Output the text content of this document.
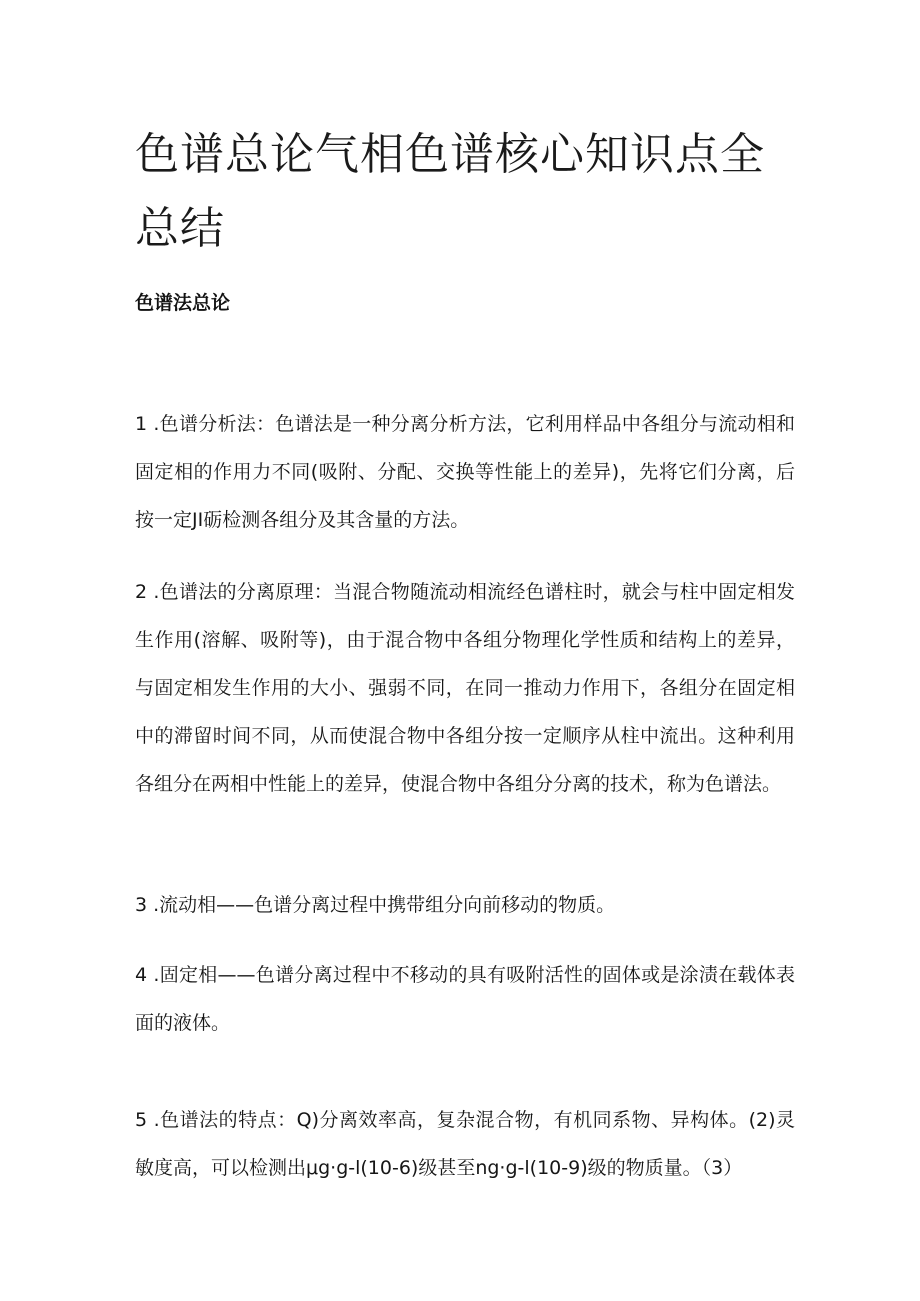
色谱总论气相色谱核心知识点全总结
色谱法总论

1 .色谱分析法：色谱法是一种分离分析方法，它利用样品中各组分与流动相和固定相的作用力不同(吸附、分配、交换等性能上的差异)，先将它们分离，后按一定JI砺检测各组分及其含量的方法。

2 .色谱法的分离原理：当混合物随流动相流经色谱柱时，就会与柱中固定相发生作用(溶解、吸附等)，由于混合物中各组分物理化学性质和结构上的差异，与固定相发生作用的大小、强弱不同，在同一推动力作用下，各组分在固定相中的滞留时间不同，从而使混合物中各组分按一定顺序从柱中流出。这种利用各组分在两相中性能上的差异，使混合物中各组分分离的技术，称为色谱法。

3 .流动相——色谱分离过程中携带组分向前移动的物质。

4 .固定相——色谱分离过程中不移动的具有吸附活性的固体或是涂渍在载体表面的液体。

5 .色谱法的特点：Q)分离效率高，复杂混合物，有机同系物、异构体。(2)灵敏度高，可以检测出μg·g-l(10-6)级甚至ng·g-l(10-9)级的物质量。（3）
